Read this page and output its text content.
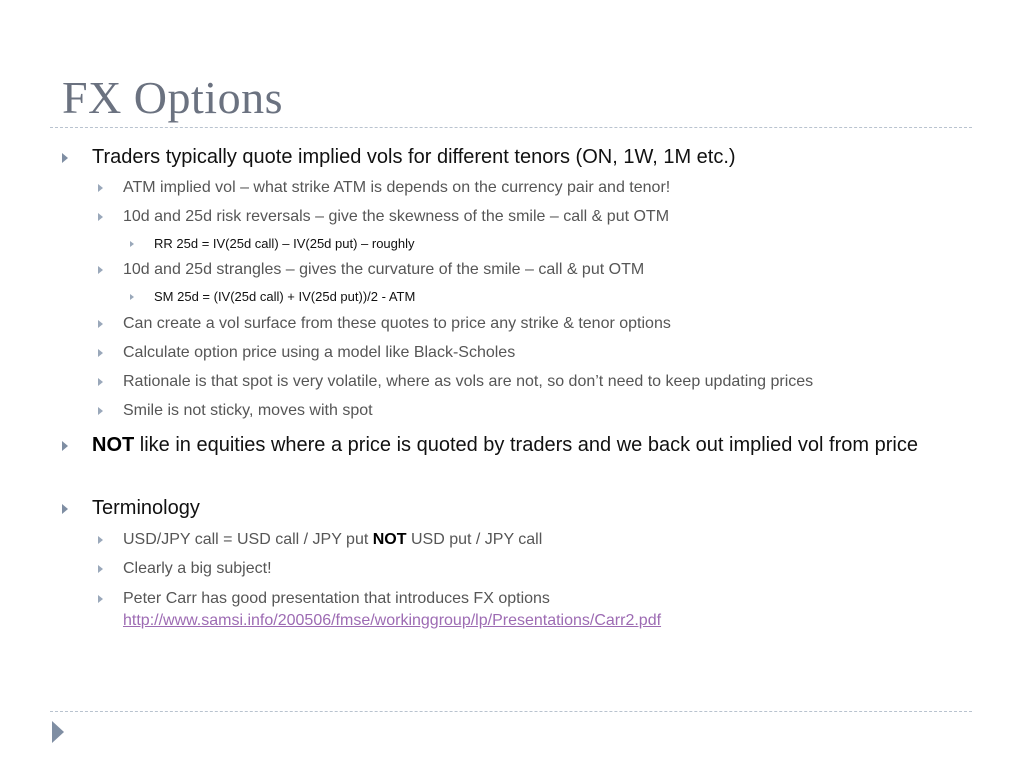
FX Options
Traders typically quote implied vols for different tenors (ON, 1W, 1M etc.)
ATM implied vol – what strike ATM is depends on the currency pair and tenor!
10d and 25d risk reversals – give the skewness of the smile – call & put OTM
RR 25d = IV(25d call) – IV(25d put) – roughly
10d and 25d strangles – gives the curvature of the smile – call & put OTM
SM 25d = (IV(25d call) + IV(25d put))/2 - ATM
Can create a vol surface from these quotes to price any strike & tenor options
Calculate option price using a model like Black-Scholes
Rationale is that spot is very volatile, where as vols are not, so don’t need to keep updating prices
Smile is not sticky, moves with spot
NOT like in equities where a price is quoted by traders and we back out implied vol from price
Terminology
USD/JPY call = USD call / JPY put NOT USD put / JPY call
Clearly a big subject!
Peter Carr has good presentation that introduces FX options
http://www.samsi.info/200506/fmse/workinggroup/lp/Presentations/Carr2.pdf
